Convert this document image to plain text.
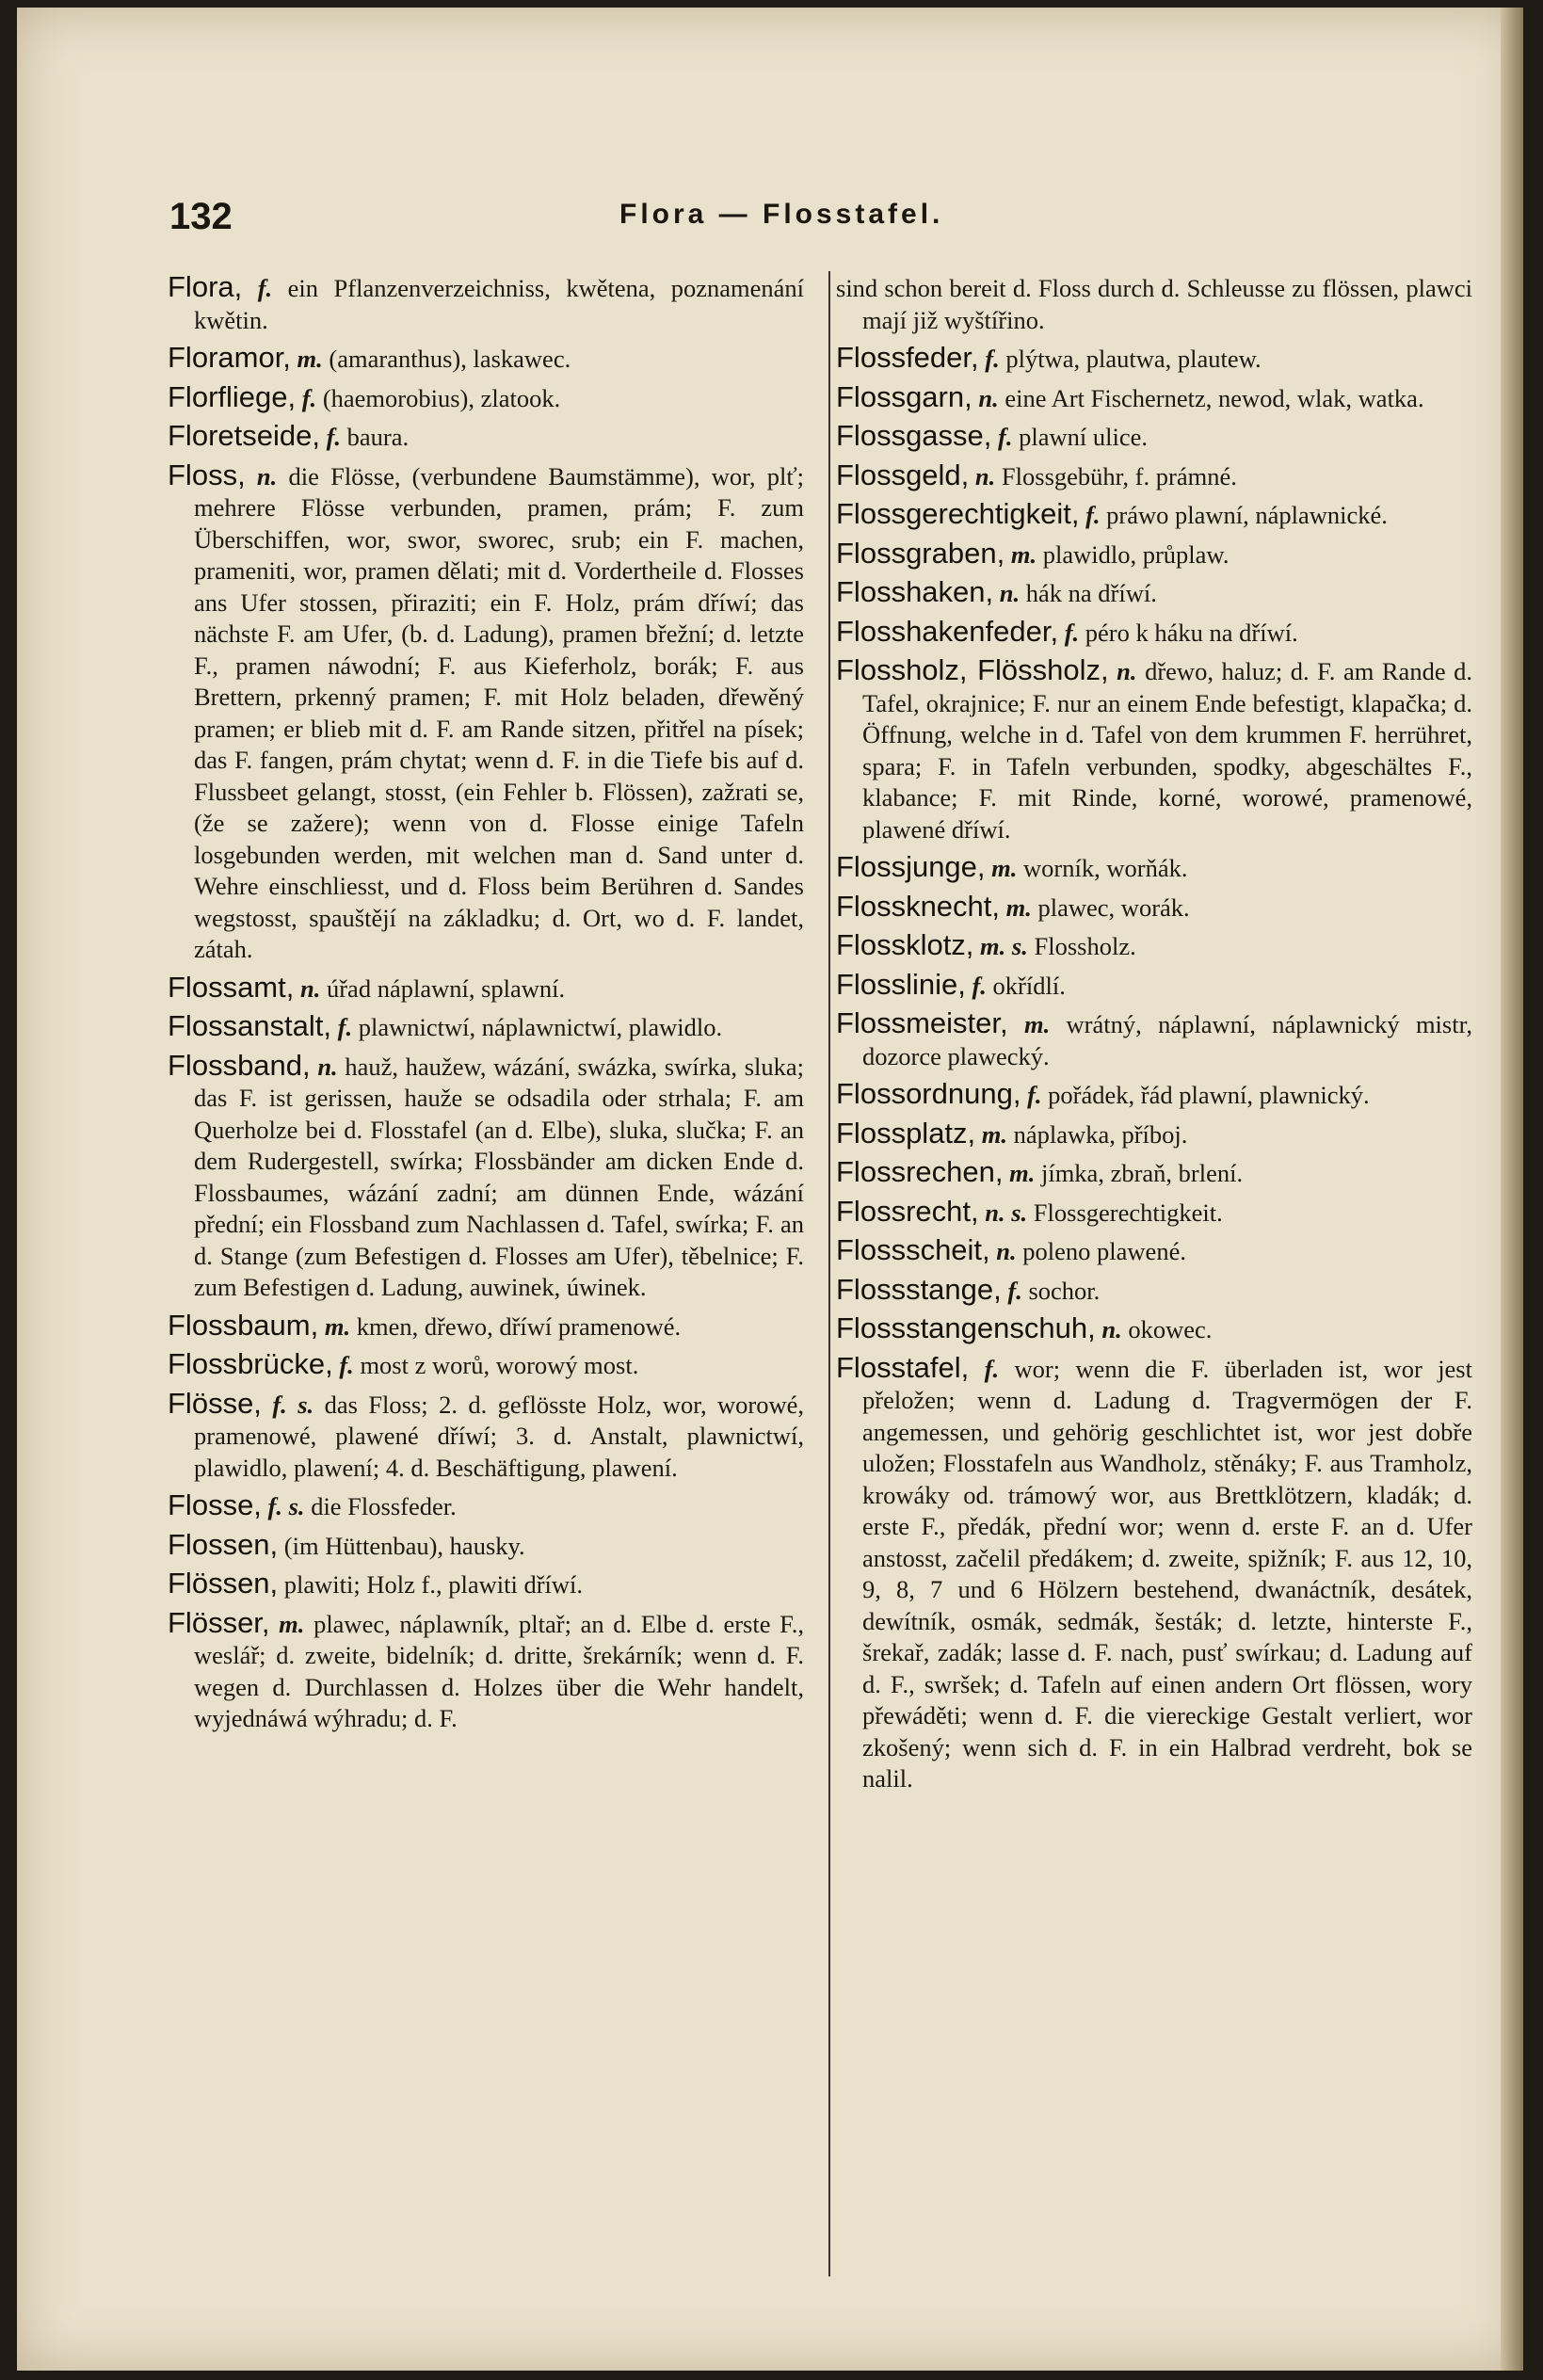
132	Flora — Flosstafel.

Flora, f. ein Pflanzenverzeichniss, kwětena, poznamenání kwětin.

Floramor, m. (amaranthus), laskawec.

Florfliege, f. (haemorobius), zlatook.

Floretseide, f. baura.

Floss, n. die Flösse, (verbundene Baumstämme), wor, plť; mehrere Flösse verbunden, pramen, prám; F. zum Überschiffen, wor, swor, sworec, srub; ein F. machen, prameniti, wor, pramen dělati; mit d. Vordertheile d. Flosses ans Ufer stossen, přiraziti; ein F. Holz, prám dříwí; das nächste F. am Ufer, (b. d. Ladung), pramen břežní; d. letzte F., pramen náwodní; F. aus Kieferholz, borák; F. aus Brettern, prkenný pramen; F. mit Holz beladen, dřewěný pramen; er blieb mit d. F. am Rande sitzen, přitřel na písek; das F. fangen, prám chytat; wenn d. F. in die Tiefe bis auf d. Flussbeet gelangt, stosst, (ein Fehler b. Flössen), zažrati se, (že se zažere); wenn von d. Flosse einige Tafeln losgebunden werden, mit welchen man d. Sand unter d. Wehre einschliesst, und d. Floss beim Berühren d. Sandes wegstosst, spauštějí na základku; d. Ort, wo d. F. landet, zátah.

Flossamt, n. úřad náplawní, splawní.

Flossanstalt, f. plawnictwí, náplawnictwí, plawidlo.

Flossband, n. hauž, haužew, wázání, swázka, swírka, sluka; das F. ist gerissen, hauže se odsadila oder strhala; F. am Querholze bei d. Flosstafel (an d. Elbe), sluka, slučka; F. an dem Rudergestell, swírka; Flossbänder am dicken Ende d. Flossbaumes, wázání zadní; am dünnen Ende, wázání přední; ein Flossband zum Nachlassen d. Tafel, swírka; F. an d. Stange (zum Befestigen d. Flosses am Ufer), těbelnice; F. zum Befestigen d. Ladung, auwinek, úwinek.

Flossbaum, m. kmen, dřewo, dříwí pramenowé.

Flossbrücke, f. most z worů, worowý most.

Flösse, f. s. das Floss; 2. d. geflösste Holz, wor, worowé, pramenowé, plawené dříwí; 3. d. Anstalt, plawnictwí, plawidlo, plawení; 4. d. Beschäftigung, plawení.

Flosse, f. s. die Flossfeder.

Flossen, (im Hüttenbau), hausky.

Flössen, plawiti; Holz f., plawiti dříwí.

Flösser, m. plawec, náplawník, pltař; an d. Elbe d. erste F., weslář; d. zweite, bidelník; d. dritte, šrekárník; wenn d. F. wegen d. Durchlassen d. Holzes über die Wehr handelt, wyjednáwá wýhradu; d. F.

sind schon bereit d. Floss durch d. Schleusse zu flössen, plawci mají již wyštířino.

Flossfeder, f. plýtwa, plautwa, plautew.

Flossgarn, n. eine Art Fischernetz, newod, wlak, watka.

Flossgasse, f. plawní ulice.

Flossgeld, n. Flossgebühr, f. prámné.

Flossgerechtigkeit, f. práwo plawní, náplawnické.

Flossgraben, m. plawidlo, průplaw.

Flosshaken, n. hák na dříwí.

Flosshakenfeder, f. péro k háku na dříwí.

Flossholz, Flössholz, n. dřewo, haluz; d. F. am Rande d. Tafel, okrajnice; F. nur an einem Ende befestigt, klapačka; d. Öffnung, welche in d. Tafel von dem krummen F. herrühret, spara; F. in Tafeln verbunden, spodky, abgeschältes F., klabance; F. mit Rinde, korné, worowé, pramenowé, plawené dříwí.

Flossjunge, m. worník, worňák.

Flossknecht, m. plawec, worák.

Flossklotz, m. s. Flossholz.

Flosslinie, f. okřídlí.

Flossmeister, m. wrátný, náplawní, náplawnický mistr, dozorce plawecký.

Flossordnung, f. pořádek, řád plawní, plawnický.

Flossplatz, m. náplawka, příboj.

Flossrechen, m. jímka, zbraň, brlení.

Flossrecht, n. s. Flossgerechtigkeit.

Flossscheit, n. poleno plawené.

Flossstange, f. sochor.

Flossstangenschuh, n. okowec.

Flosstafel, f. wor; wenn die F. überladen ist, wor jest přeložen; wenn d. Ladung d. Tragvermögen der F. angemessen, und gehörig geschlichtet ist, wor jest dobře uložen; Flosstafeln aus Wandholz, stěnáky; F. aus Tramholz, krowáky od. trámowý wor, aus Brettklötzern, kladák; d. erste F., předák, přední wor; wenn d. erste F. an d. Ufer anstosst, začelil předákem; d. zweite, spižník; F. aus 12, 10, 9, 8, 7 und 6 Hölzern bestehend, dwanáctník, desátek, dewítník, osmák, sedmák, šesták; d. letzte, hinterste F., šrekař, zadák; lasse d. F. nach, pusť swírkau; d. Ladung auf d. F., swršek; d. Tafeln auf einen andern Ort flössen, wory přewáděti; wenn d. F. die viereckige Gestalt verliert, wor zkošený; wenn sich d. F. in ein Halbrad verdreht, bok se nalil.
